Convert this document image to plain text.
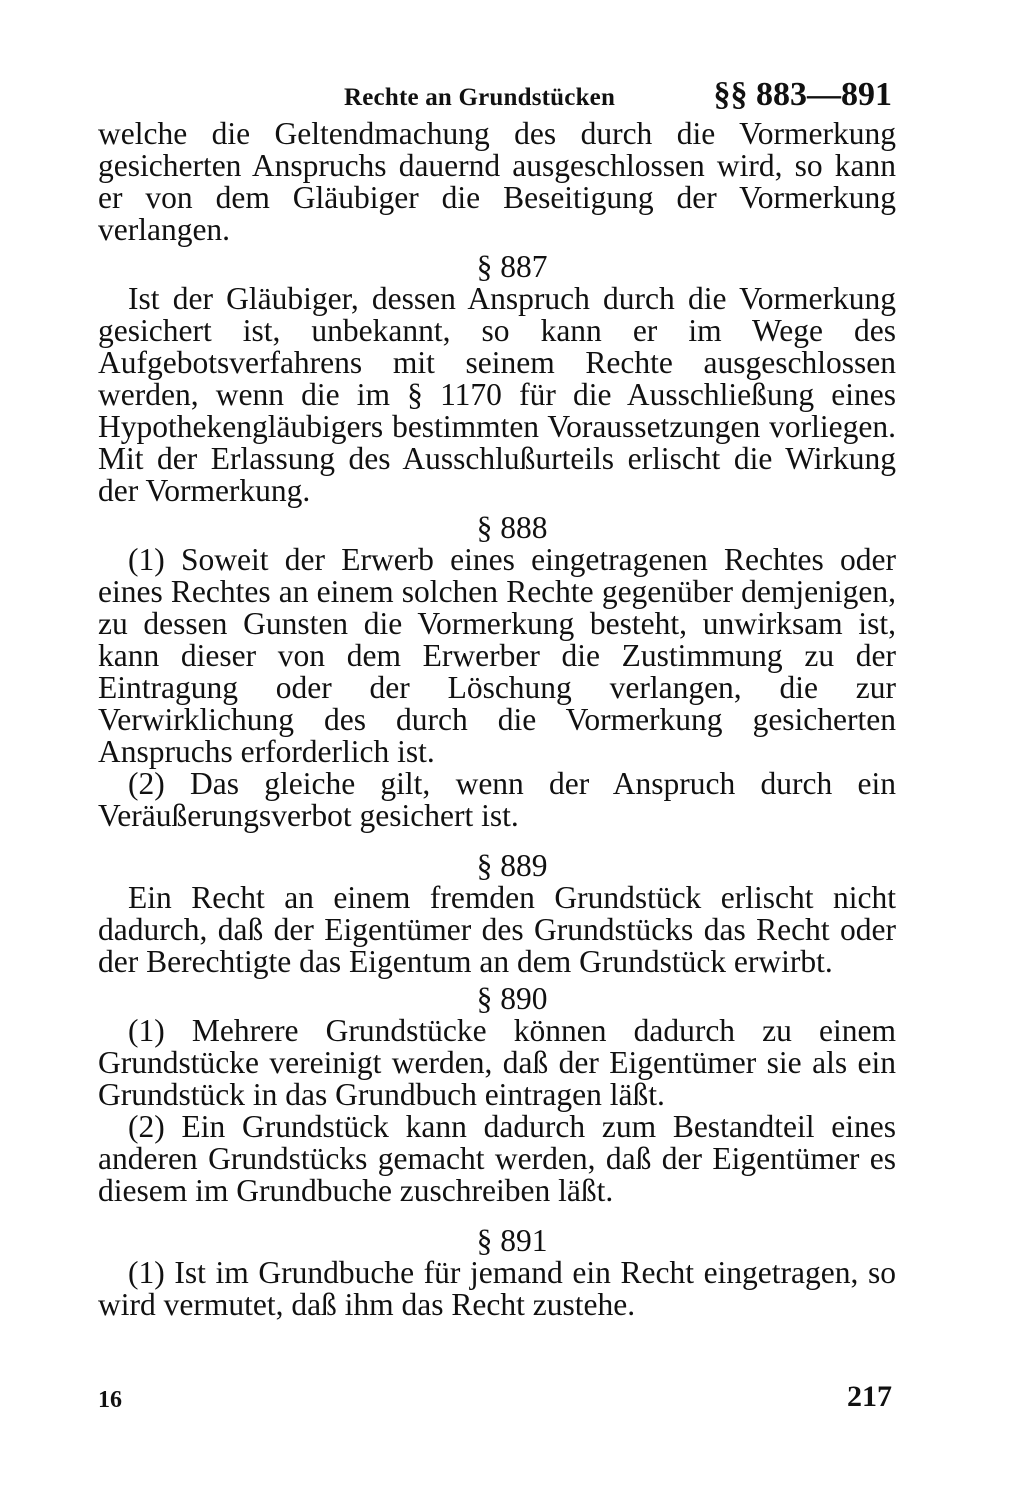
Rechte an Grundstücken	§§ 883—891

welche die Geltendmachung des durch die Vormerkung gesicherten Anspruchs dauernd ausgeschlossen wird, so kann er von dem Gläubiger die Beseitigung der Vormerkung verlangen.

§ 887

Ist der Gläubiger, dessen Anspruch durch die Vormerkung gesichert ist, unbekannt, so kann er im Wege des Aufgebotsverfahrens mit seinem Rechte ausgeschlossen werden, wenn die im § 1170 für die Ausschließung eines Hypothekengläubigers bestimmten Voraussetzungen vorliegen. Mit der Erlassung des Ausschlußurteils erlischt die Wirkung der Vormerkung.

§ 888

(1) Soweit der Erwerb eines eingetragenen Rechtes oder eines Rechtes an einem solchen Rechte gegenüber demjenigen, zu dessen Gunsten die Vormerkung besteht, unwirksam ist, kann dieser von dem Erwerber die Zustimmung zu der Eintragung oder der Löschung verlangen, die zur Verwirklichung des durch die Vormerkung gesicherten Anspruchs erforderlich ist.

(2) Das gleiche gilt, wenn der Anspruch durch ein Veräußerungsverbot gesichert ist.

§ 889

Ein Recht an einem fremden Grundstück erlischt nicht dadurch, daß der Eigentümer des Grundstücks das Recht oder der Berechtigte das Eigentum an dem Grundstück erwirbt.

§ 890

(1) Mehrere Grundstücke können dadurch zu einem Grundstücke vereinigt werden, daß der Eigentümer sie als ein Grundstück in das Grundbuch eintragen läßt.

(2) Ein Grundstück kann dadurch zum Bestandteil eines anderen Grundstücks gemacht werden, daß der Eigentümer es diesem im Grundbuche zuschreiben läßt.

§ 891

(1) Ist im Grundbuche für jemand ein Recht eingetragen, so wird vermutet, daß ihm das Recht zustehe.

16	217
